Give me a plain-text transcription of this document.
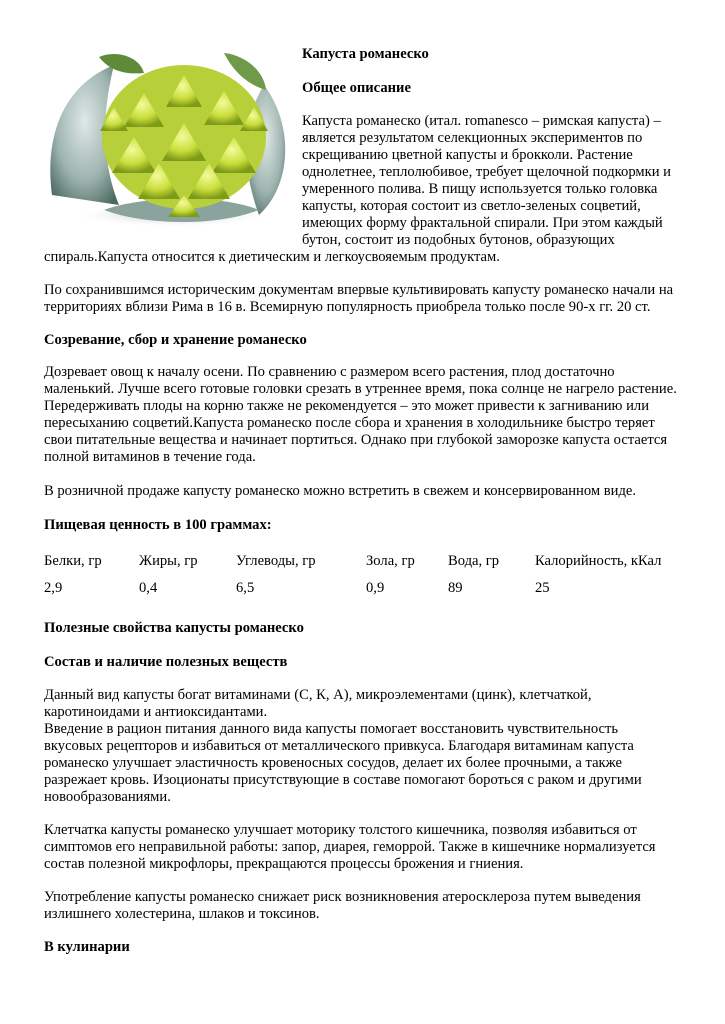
Капуста романеско
Общее описание

Капуста романеско (итал. romanesco – римская капуста) –

является результатом селекционных экспериментов по

скрещиванию цветной капусты и брокколи. Растение

однолетнее, теплолюбивое, требует щелочной подкормки и

умеренного полива. В пищу используется только головка

капусты, которая состоит из светло-зеленых соцветий,

имеющих форму фрактальной спирали. При этом каждый

бутон, состоит из подобных бутонов, образующих

спираль.Капуста относится к диетическим и легкоусвояемым продуктам.

По сохранившимся историческим документам впервые культивировать капусту романеско начали на

территориях вблизи Рима в 16 в. Всемирную популярность приобрела только после 90-х гг. 20 ст.

Созревание, сбор и хранение романеско

Дозревает овощ к началу осени. По сравнению с размером всего растения, плод достаточно

маленький. Лучше всего готовые головки срезать в утреннее время, пока солнце не нагрело растение.

Передерживать плоды на корню также не рекомендуется – это может привести к загниванию или

пересыханию соцветий.Капуста романеско после сбора и хранения в холодильнике быстро теряет

свои питательные вещества и начинает портиться. Однако при глубокой заморозке капуста остается

полной витаминов в течение года.

В розничной продаже капусту романеско можно встретить в свежем и консервированном виде.
Пищевая ценность в 100 граммах:
Белки, гр	Жиры, гр	Углеводы, гр	Зола, гр Вода, гр Калорийность, кКал
2,9	0,4	6,5	0,9	89	25
Полезные свойства капусты романеско
Состав и наличие полезных веществ

Данный вид капусты богат витаминами (С, К, А), микроэлементами (цинк), клетчаткой,

каротиноидами и антиоксидантами.

Введение в рацион питания данного вида капусты помогает восстановить чувствительность

вкусовых рецепторов и избавиться от металлического привкуса. Благодаря витаминам капуста

романеско улучшает эластичность кровеносных сосудов, делает их более прочными, а также

разрежает кровь. Изоционаты присутствующие в составе помогают бороться с раком и другими

новообразованиями.

Клетчатка капусты романеско улучшает моторику толстого кишечника, позволяя избавиться от

симптомов его неправильной работы: запор, диарея, геморрой. Также в кишечнике нормализуется

состав полезной микрофлоры, прекращаются процессы брожения и гниения.

Употребление капусты романеско снижает риск возникновения атеросклероза путем выведения

излишнего холестерина, шлаков и токсинов.

В кулинарии
